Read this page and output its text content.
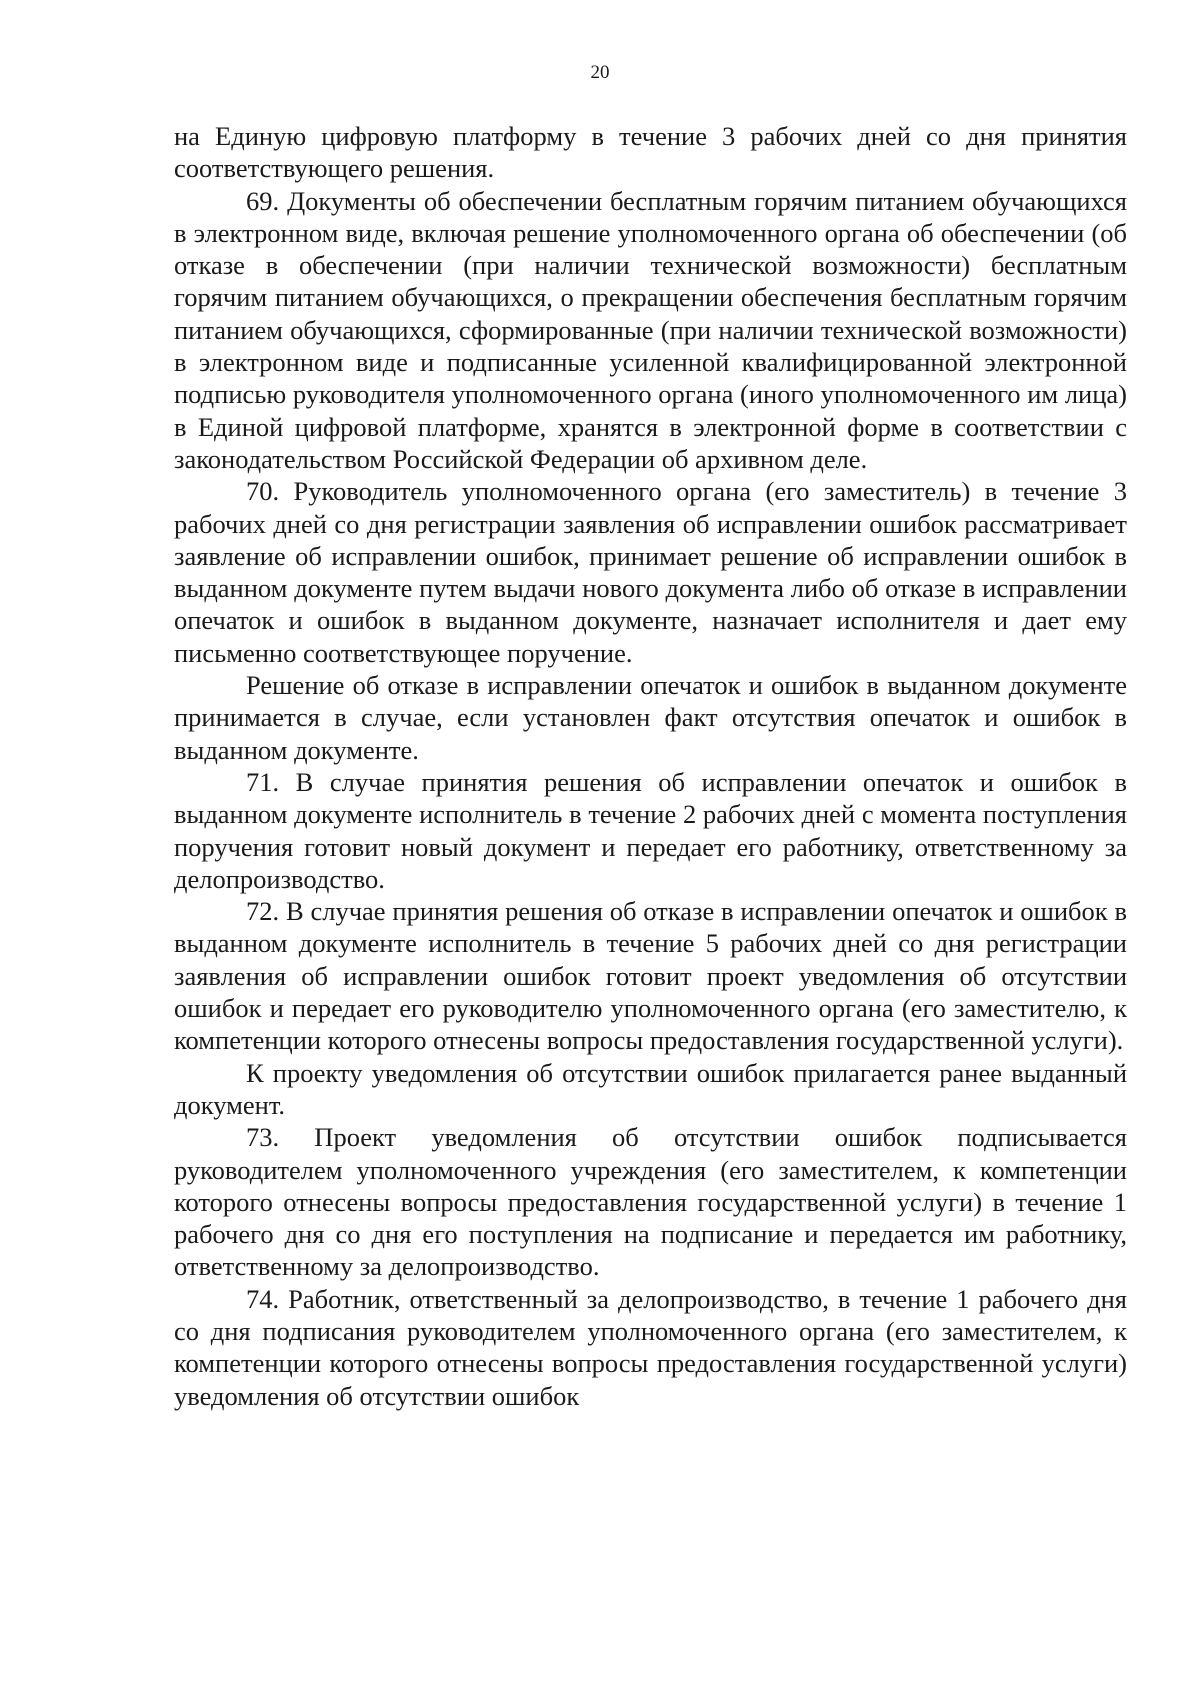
20

на Единую цифровую платформу в течение 3 рабочих дней со дня принятия соответствующего решения.

69. Документы об обеспечении бесплатным горячим питанием обучающихся в электронном виде, включая решение уполномоченного органа об обеспечении (об отказе в обеспечении (при наличии технической возможности) бесплатным горячим питанием обучающихся, о прекращении обеспечения бесплатным горячим питанием обучающихся, сформированные (при наличии технической возможности) в электронном виде и подписанные усиленной квалифицированной электронной подписью руководителя уполномоченного органа (иного уполномоченного им лица) в Единой цифровой платформе, хранятся в электронной форме в соответствии с законодательством Российской Федерации об архивном деле.

70. Руководитель уполномоченного органа (его заместитель) в течение 3 рабочих дней со дня регистрации заявления об исправлении ошибок рассматривает заявление об исправлении ошибок, принимает решение об исправлении ошибок в выданном документе путем выдачи нового документа либо об отказе в исправлении опечаток и ошибок в выданном документе, назначает исполнителя и дает ему письменно соответствующее поручение.

Решение об отказе в исправлении опечаток и ошибок в выданном документе принимается в случае, если установлен факт отсутствия опечаток и ошибок в выданном документе.

71. В случае принятия решения об исправлении опечаток и ошибок в выданном документе исполнитель в течение 2 рабочих дней с момента поступления поручения готовит новый документ и передает его работнику, ответственному за делопроизводство.

72. В случае принятия решения об отказе в исправлении опечаток и ошибок в выданном документе исполнитель в течение 5 рабочих дней со дня регистрации заявления об исправлении ошибок готовит проект уведомления об отсутствии ошибок и передает его руководителю уполномоченного органа (его заместителю, к компетенции которого отнесены вопросы предоставления государственной услуги).

К проекту уведомления об отсутствии ошибок прилагается ранее выданный документ.

73. Проект уведомления об отсутствии ошибок подписывается руководителем уполномоченного учреждения (его заместителем, к компетенции которого отнесены вопросы предоставления государственной услуги) в течение 1 рабочего дня со дня его поступления на подписание и передается им работнику, ответственному за делопроизводство.

74. Работник, ответственный за делопроизводство, в течение 1 рабочего дня со дня подписания руководителем уполномоченного органа (его заместителем, к компетенции которого отнесены вопросы предоставления государственной услуги) уведомления об отсутствии ошибок
